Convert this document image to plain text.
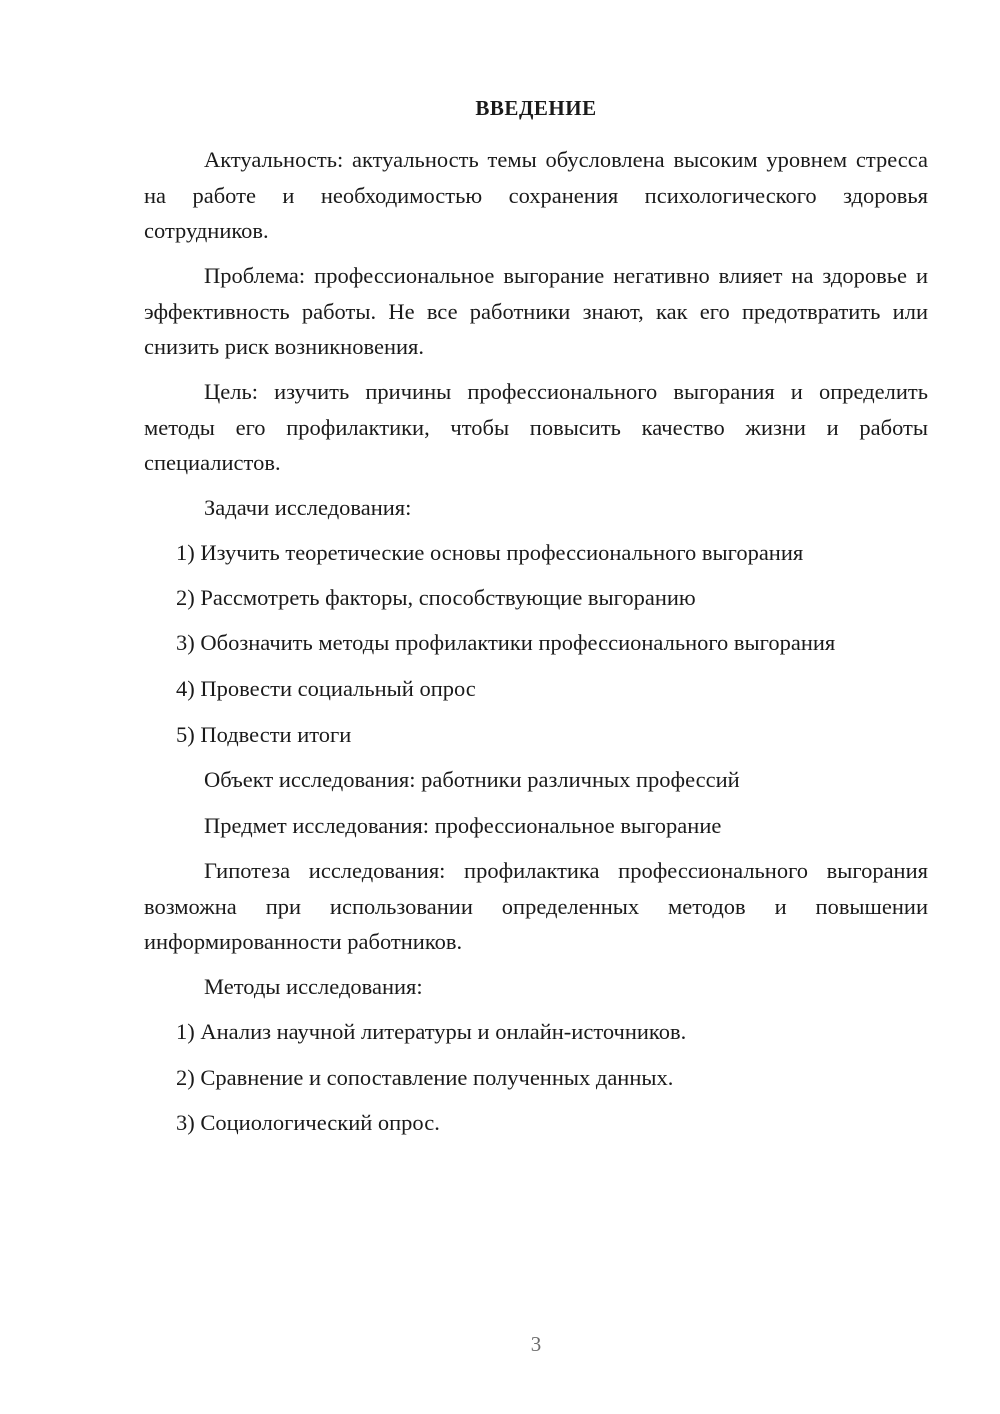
ВВЕДЕНИЕ

Актуальность: актуальность темы обусловлена высоким уровнем стресса на работе и необходимостью сохранения психологического здоровья сотрудников.

Проблема: профессиональное выгорание негативно влияет на здоровье и эффективность работы. Не все работники знают, как его предотвратить или снизить риск возникновения.

Цель: изучить причины профессионального выгорания и определить методы его профилактики, чтобы повысить качество жизни и работы специалистов.

Задачи исследования:

1) Изучить теоретические основы профессионального выгорания

2) Рассмотреть факторы, способствующие выгоранию

3) Обозначить методы профилактики профессионального выгорания

4) Провести социальный опрос

5) Подвести итоги

Объект исследования: работники различных профессий

Предмет исследования: профессиональное выгорание

Гипотеза исследования: профилактика профессионального выгорания возможна при использовании определенных методов и повышении информированности работников.

Методы исследования:

1) Анализ научной литературы и онлайн-источников.

2) Сравнение и сопоставление полученных данных.

3) Социологический опрос.

3
